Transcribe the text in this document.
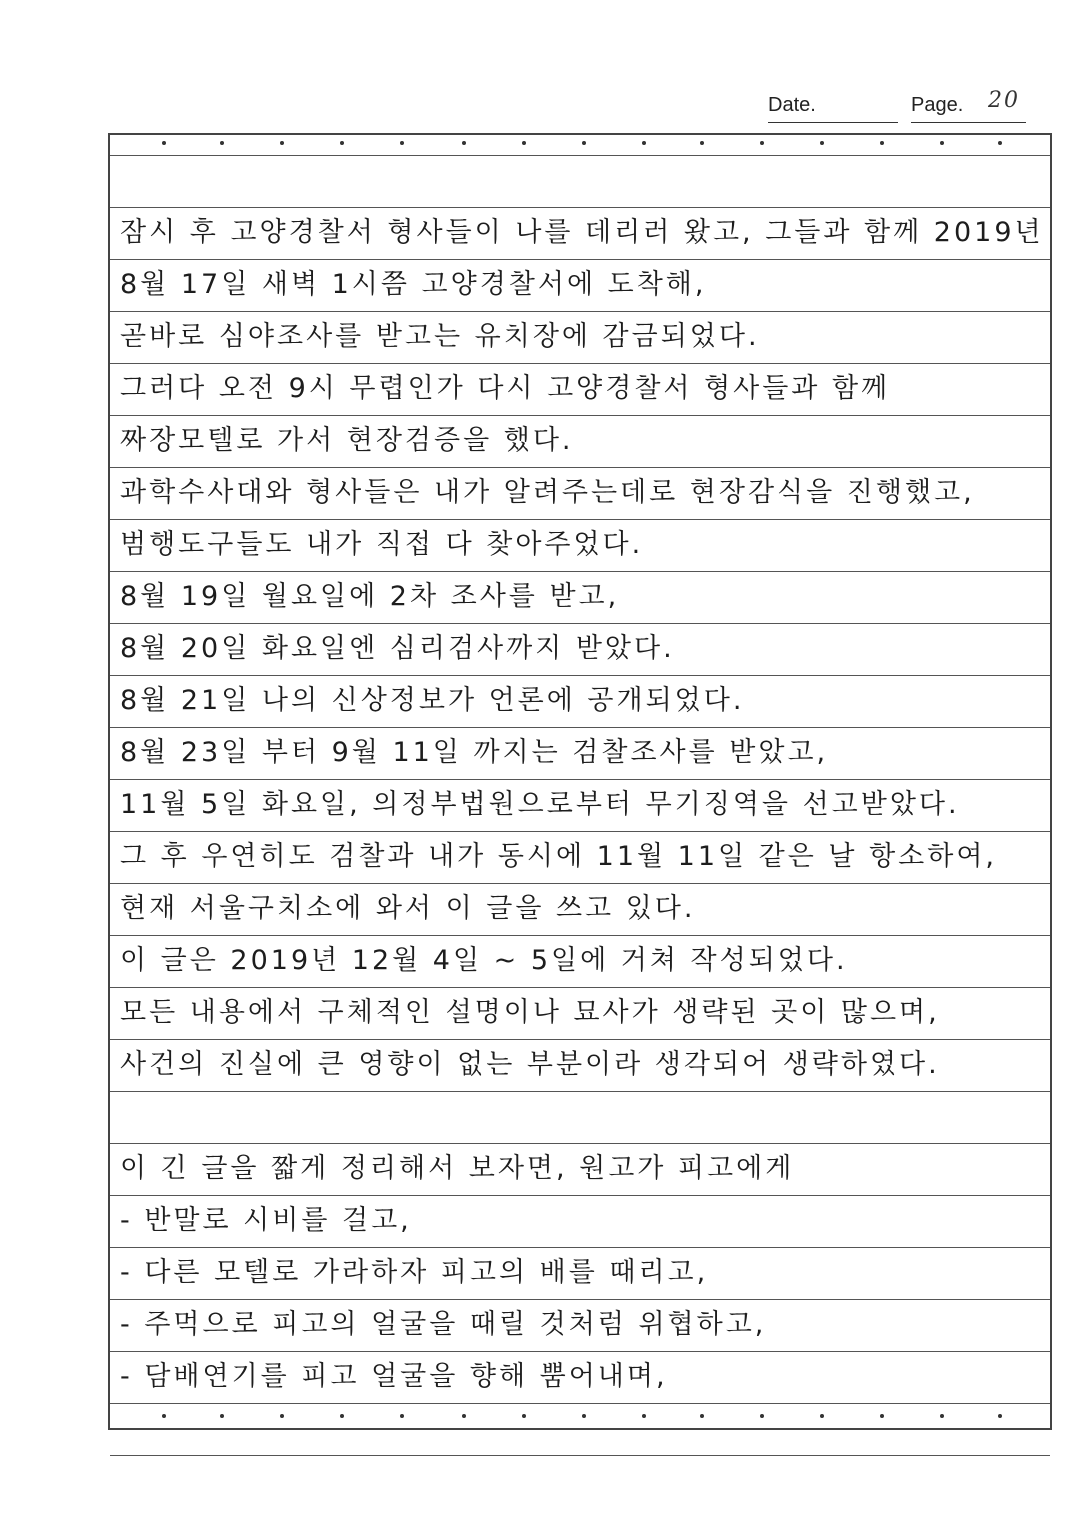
Date.	Page. 20
잠시 후 고양경찰서 형사들이 나를 데리러 왔고, 그들과 함께 2019년
8월 17일 새벽 1시쯤 고양경찰서에 도착해,
곧바로 심야조사를 받고는 유치장에 감금되었다.
그러다 오전 9시 무렵인가 다시 고양경찰서 형사들과 함께
짜장모텔로 가서 현장검증을 했다.
과학수사대와 형사들은 내가 알려주는데로 현장감식을 진행했고,
범행도구들도 내가 직접 다 찾아주었다.
8월 19일 월요일에 2차 조사를 받고,
8월 20일 화요일엔 심리검사까지 받았다.
8월 21일 나의 신상정보가 언론에 공개되었다.
8월 23일 부터 9월 11일 까지는 검찰조사를 받았고,
11월 5일 화요일, 의정부법원으로부터 무기징역을 선고받았다.
그 후 우연히도 검찰과 내가 동시에 11월 11일 같은 날 항소하여,
현재 서울구치소에 와서 이 글을 쓰고 있다.
이 글은 2019년 12월 4일 ~ 5일에 거쳐 작성되었다.
모든 내용에서 구체적인 설명이나 묘사가 생략된 곳이 많으며,
사건의 진실에 큰 영향이 없는 부분이라 생각되어 생략하였다.
이 긴 글을 짧게 정리해서 보자면, 원고가 피고에게
- 반말로 시비를 걸고,
- 다른 모텔로 가라하자 피고의 배를 때리고,
- 주먹으로 피고의 얼굴을 때릴 것처럼 위협하고,
- 담배연기를 피고 얼굴을 향해 뿜어내며,
